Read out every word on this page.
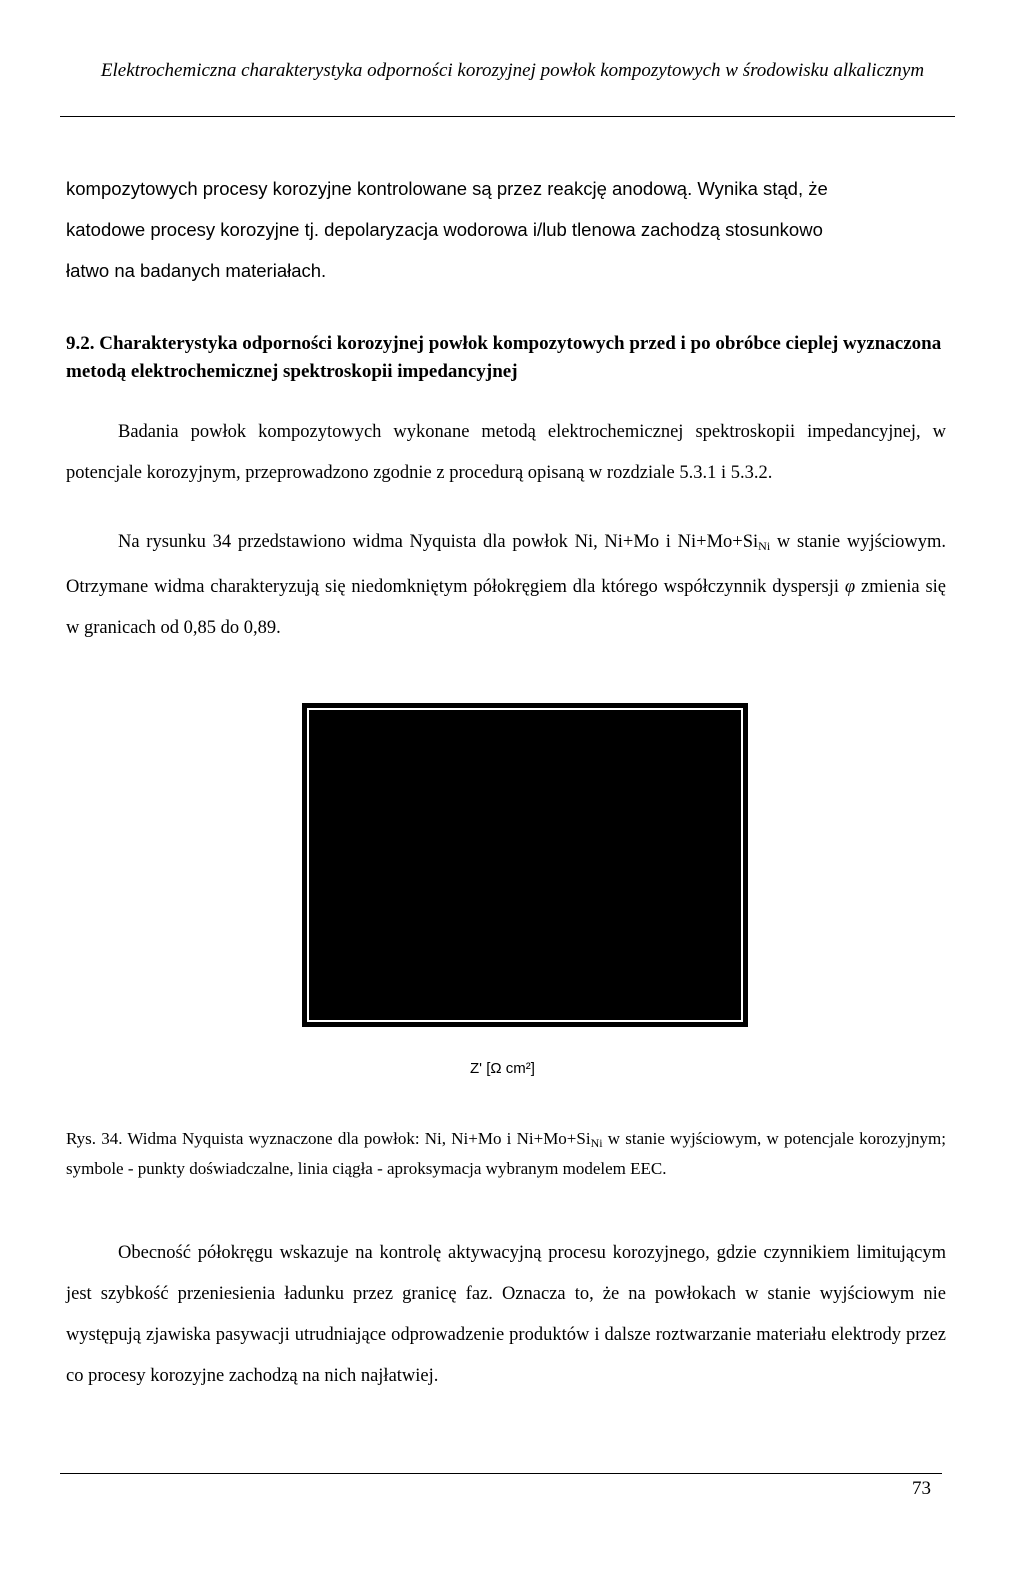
Elektrochemiczna charakterystyka odporności korozyjnej powłok kompozytowych w środowisku alkalicznym
kompozytowych procesy korozyjne kontrolowane są przez reakcję anodową. Wynika stąd, że
katodowe procesy korozyjne tj. depolaryzacja wodorowa i/lub tlenowa zachodzą stosunkowo
łatwo na badanych materiałach.
9.2. Charakterystyka odporności korozyjnej powłok kompozytowych przed i po obróbce cieplej wyznaczona metodą elektrochemicznej spektroskopii impedancyjnej
Badania powłok kompozytowych wykonane metodą elektrochemicznej spektroskopii impedancyjnej, w potencjale korozyjnym, przeprowadzono zgodnie z procedurą opisaną w rozdziale 5.3.1 i 5.3.2.
Na rysunku 34 przedstawiono widma Nyquista dla powłok Ni, Ni+Mo i $Ni+Mo+Si_{Ni}$ w stanie wyjściowym. Otrzymane widma charakteryzują się niedomkniętym półokręgiem dla którego współczynnik dyspersji φ zmienia się w granicach od 0,85 do 0,89.
Z' [Ω cm²]
Rys. 34. Widma Nyquista wyznaczone dla powłok: Ni, Ni+Mo i $Ni+Mo+Si_{Ni}$ w stanie wyjściowym, w potencjale korozyjnym; symbole - punkty doświadczalne, linia ciągła - aproksymacja wybranym modelem EEC.
Obecność półokręgu wskazuje na kontrolę aktywacyjną procesu korozyjnego, gdzie czynnikiem limitującym jest szybkość przeniesienia ładunku przez granicę faz. Oznacza to, że na powłokach w stanie wyjściowym nie występują zjawiska pasywacji utrudniające odprowadzenie produktów i dalsze roztwarzanie materiału elektrody przez co procesy korozyjne zachodzą na nich najłatwiej.
73
